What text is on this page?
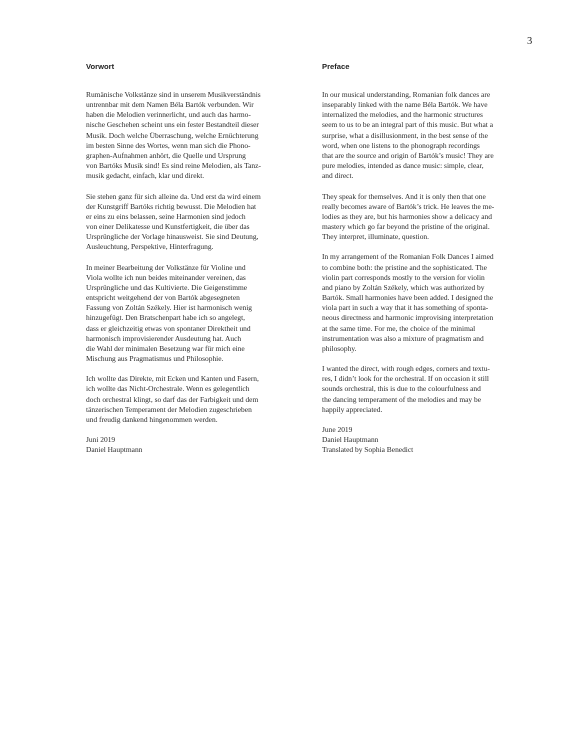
3
Vorwort

Rumänische Volkstänze sind in unserem Musikverständnis
untrennbar mit dem Namen Béla Bartók verbunden. Wir
haben die Melodien verinnerlicht, und auch das harmo-
nische Geschehen scheint uns ein fester Bestandteil dieser
Musik. Doch welche Überraschung, welche Ernüchterung
im besten Sinne des Wortes, wenn man sich die Phono-
graphen-Aufnahmen anhört, die Quelle und Ursprung
von Bartóks Musik sind! Es sind reine Melodien, als Tanz-
musik gedacht, einfach, klar und direkt.

Sie stehen ganz für sich alleine da. Und erst da wird einem
der Kunstgriff Bartóks richtig bewusst. Die Melodien hat
er eins zu eins belassen, seine Harmonien sind jedoch
von einer Delikatesse und Kunstfertigkeit, die über das
Ursprüngliche der Vorlage hinausweist. Sie sind Deutung,
Ausleuchtung, Perspektive, Hinterfragung.

In meiner Bearbeitung der Volkstänze für Violine und
Viola wollte ich nun beides miteinander vereinen, das
Ursprüngliche und das Kultivierte. Die Geigenstimme
entspricht weitgehend der von Bartók abgesegneten
Fassung von Zoltán Székely. Hier ist harmonisch wenig
hinzugefügt. Den Bratschenpart habe ich so angelegt,
dass er gleichzeitig etwas von spontaner Direktheit und
harmonisch improvisierender Ausdeutung hat. Auch
die Wahl der minimalen Besetzung war für mich eine
Mischung aus Pragmatismus und Philosophie.

Ich wollte das Direkte, mit Ecken und Kanten und Fasern,
ich wollte das Nicht-Orchestrale. Wenn es gelegentlich
doch orchestral klingt, so darf das der Farbigkeit und dem
tänzerischen Temperament der Melodien zugeschrieben
und freudig dankend hingenommen werden.

Juni 2019

Daniel Hauptmann

Preface

In our musical understanding, Romanian folk dances are
inseparably linked with the name Béla Bartók. We have
internalized the melodies, and the harmonic structures
seem to us to be an integral part of this music. But what a
surprise, what a disillusionment, in the best sense of the
word, when one listens to the phonograph recordings
that are the source and origin of Bartók’s music! They are
pure melodies, intended as dance music: simple, clear,
and direct.

They speak for themselves. And it is only then that one
really becomes aware of Bartók’s trick. He leaves the me-
lodies as they are, but his harmonies show a delicacy and
mastery which go far beyond the pristine of the original.
They interpret, illuminate, question.

In my arrangement of the Romanian Folk Dances I aimed
to combine both: the pristine and the sophisticated. The
violin part corresponds mostly to the version for violin
and piano by Zoltán Székely, which was authorized by
Bartók. Small harmonies have been added. I designed the
viola part in such a way that it has something of sponta-
neous directness and harmonic improvising interpretation
at the same time. For me, the choice of the minimal
instrumentation was also a mixture of pragmatism and
philosophy.

I wanted the direct, with rough edges, corners and textu-
res, I didn’t look for the orchestral. If on occasion it still
sounds orchestral, this is due to the colourfulness and
the dancing temperament of the melodies and may be
happily appreciated.

June 2019

Daniel Hauptmann

Translated by Sophia Benedict
